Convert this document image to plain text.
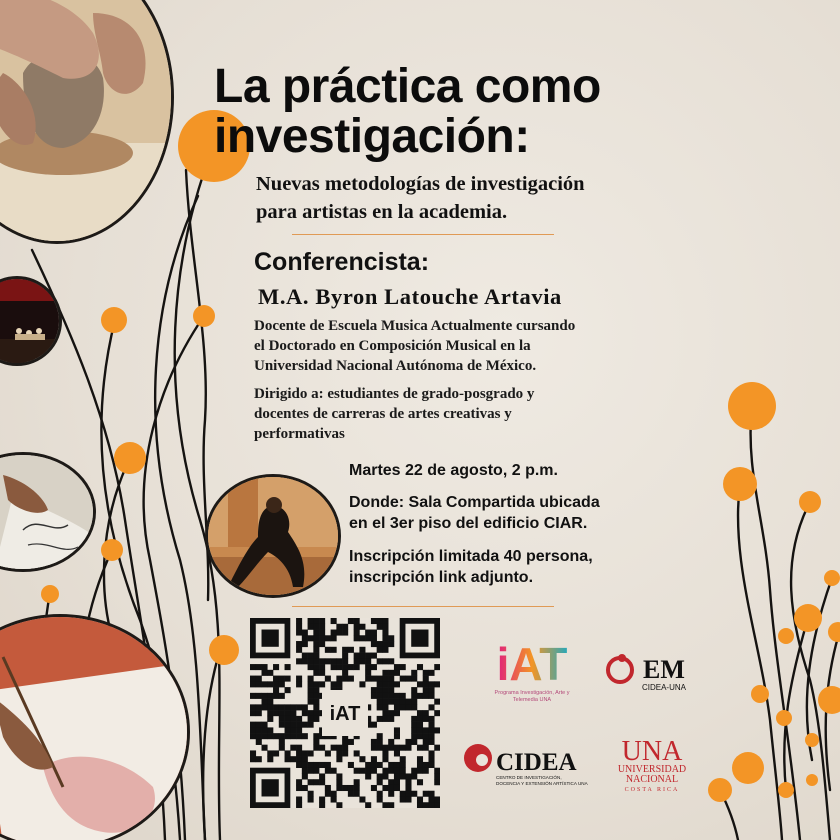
La práctica como
investigación:
Nuevas metodologías de investigación
para artistas en la academia.
Conferencista:
M.A. Byron Latouche Artavia
Docente de Escuela Musica Actualmente cursando
el Doctorado en Composición Musical en la
Universidad Nacional Autónoma de México.
Dirigido a: estudiantes de grado-posgrado y
docentes de carreras de artes creativas y
performativas
Martes 22 de agosto, 2 p.m.
Donde: Sala Compartida ubicada
en el 3er piso del edificio CIAR.
Inscripción limitada 40 persona,
inscripción link adjunto.
iAT
iAT
Programa Investigación, Arte y
Telemedia UNA
EM
CIDEA-UNA
CIDEA
CENTRO DE INVESTIGACIÓN,
DOCENCIA Y EXTENSIÓN ARTÍSTICA UNA
UNA
UNIVERSIDAD
NACIONAL
COSTA RICA
